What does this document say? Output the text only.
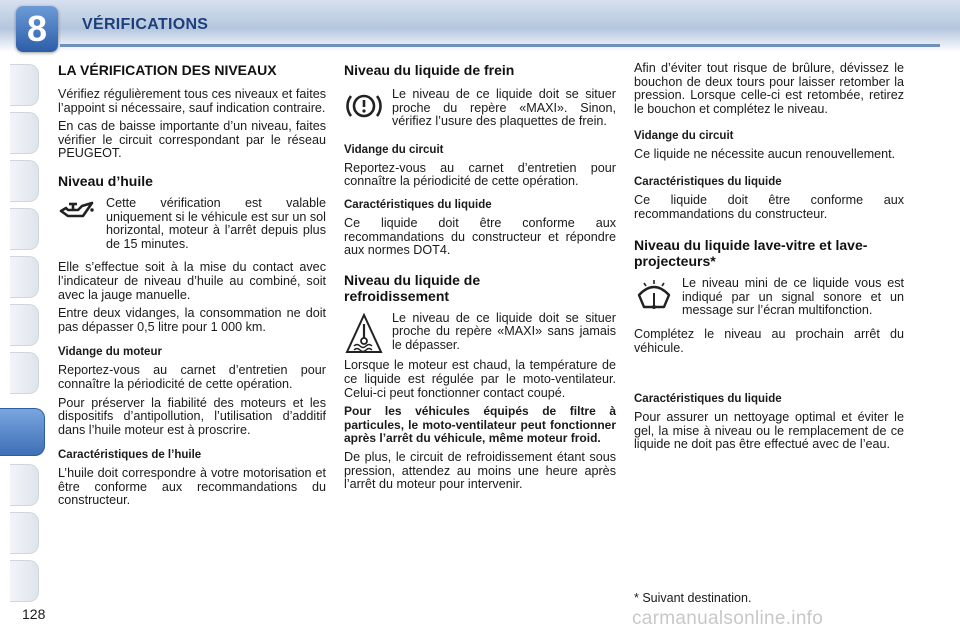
8	VÉRIFICATIONS
LA VÉRIFICATION DES NIVEAUX

Vérifiez régulièrement tous ces niveaux et faites l’appoint si nécessaire, sauf indication contraire.

En cas de baisse importante d’un niveau, faites vérifier le circuit correspondant par le réseau PEUGEOT.

Niveau d’huile

Cette vérification est valable uniquement si le véhicule est sur un sol horizontal, moteur à l’arrêt depuis plus de 15 minutes.

Elle s’effectue soit à la mise du contact avec l’indicateur de niveau d’huile au combiné, soit avec la jauge manuelle.

Entre deux vidanges, la consommation ne doit pas dépasser 0,5 litre pour 1 000 km.

Vidange du moteur

Reportez-vous au carnet d’entretien pour connaître la périodicité de cette opération.

Pour préserver la fiabilité des moteurs et les dispositifs d’antipollution, l’utilisation d’additif dans l’huile moteur est à proscrire.

Caractéristiques de l’huile

L’huile doit correspondre à votre motorisation et être conforme aux recommandations du constructeur.

Niveau du liquide de frein

Le niveau de ce liquide doit se situer proche du repère «MAXI». Sinon, vérifiez l’usure des plaquettes de frein.

Vidange du circuit

Reportez-vous au carnet d’entretien pour connaître la périodicité de cette opération.

Caractéristiques du liquide

Ce liquide doit être conforme aux recommandations du constructeur et répondre aux normes DOT4.

Niveau du liquide de refroidissement

Le niveau de ce liquide doit se situer proche du repère «MAXI» sans jamais le dépasser.

Lorsque le moteur est chaud, la température de ce liquide est régulée par le moto-ventilateur. Celui-ci peut fonctionner contact coupé.

Pour les véhicules équipés de filtre à particules, le moto-ventilateur peut fonctionner après l’arrêt du véhicule, même moteur froid.

De plus, le circuit de refroidissement étant sous pression, attendez au moins une heure après l’arrêt du moteur pour intervenir.

Afin d’éviter tout risque de brûlure, dévissez le bouchon de deux tours pour laisser retomber la pression. Lorsque celle-ci est retombée, retirez le bouchon et complétez le niveau.

Vidange du circuit

Ce liquide ne nécessite aucun renouvellement.

Caractéristiques du liquide

Ce liquide doit être conforme aux recommandations du constructeur.

Niveau du liquide lave-vitre et lave-projecteurs*

Le niveau mini de ce liquide vous est indiqué par un signal sonore et un message sur l’écran multifonction.

Complétez le niveau au prochain arrêt du véhicule.

Caractéristiques du liquide

Pour assurer un nettoyage optimal et éviter le gel, la mise à niveau ou le remplacement de ce liquide ne doit pas être effectué avec de l’eau.

* Suivant destination.
128	carmanualsonline.info
